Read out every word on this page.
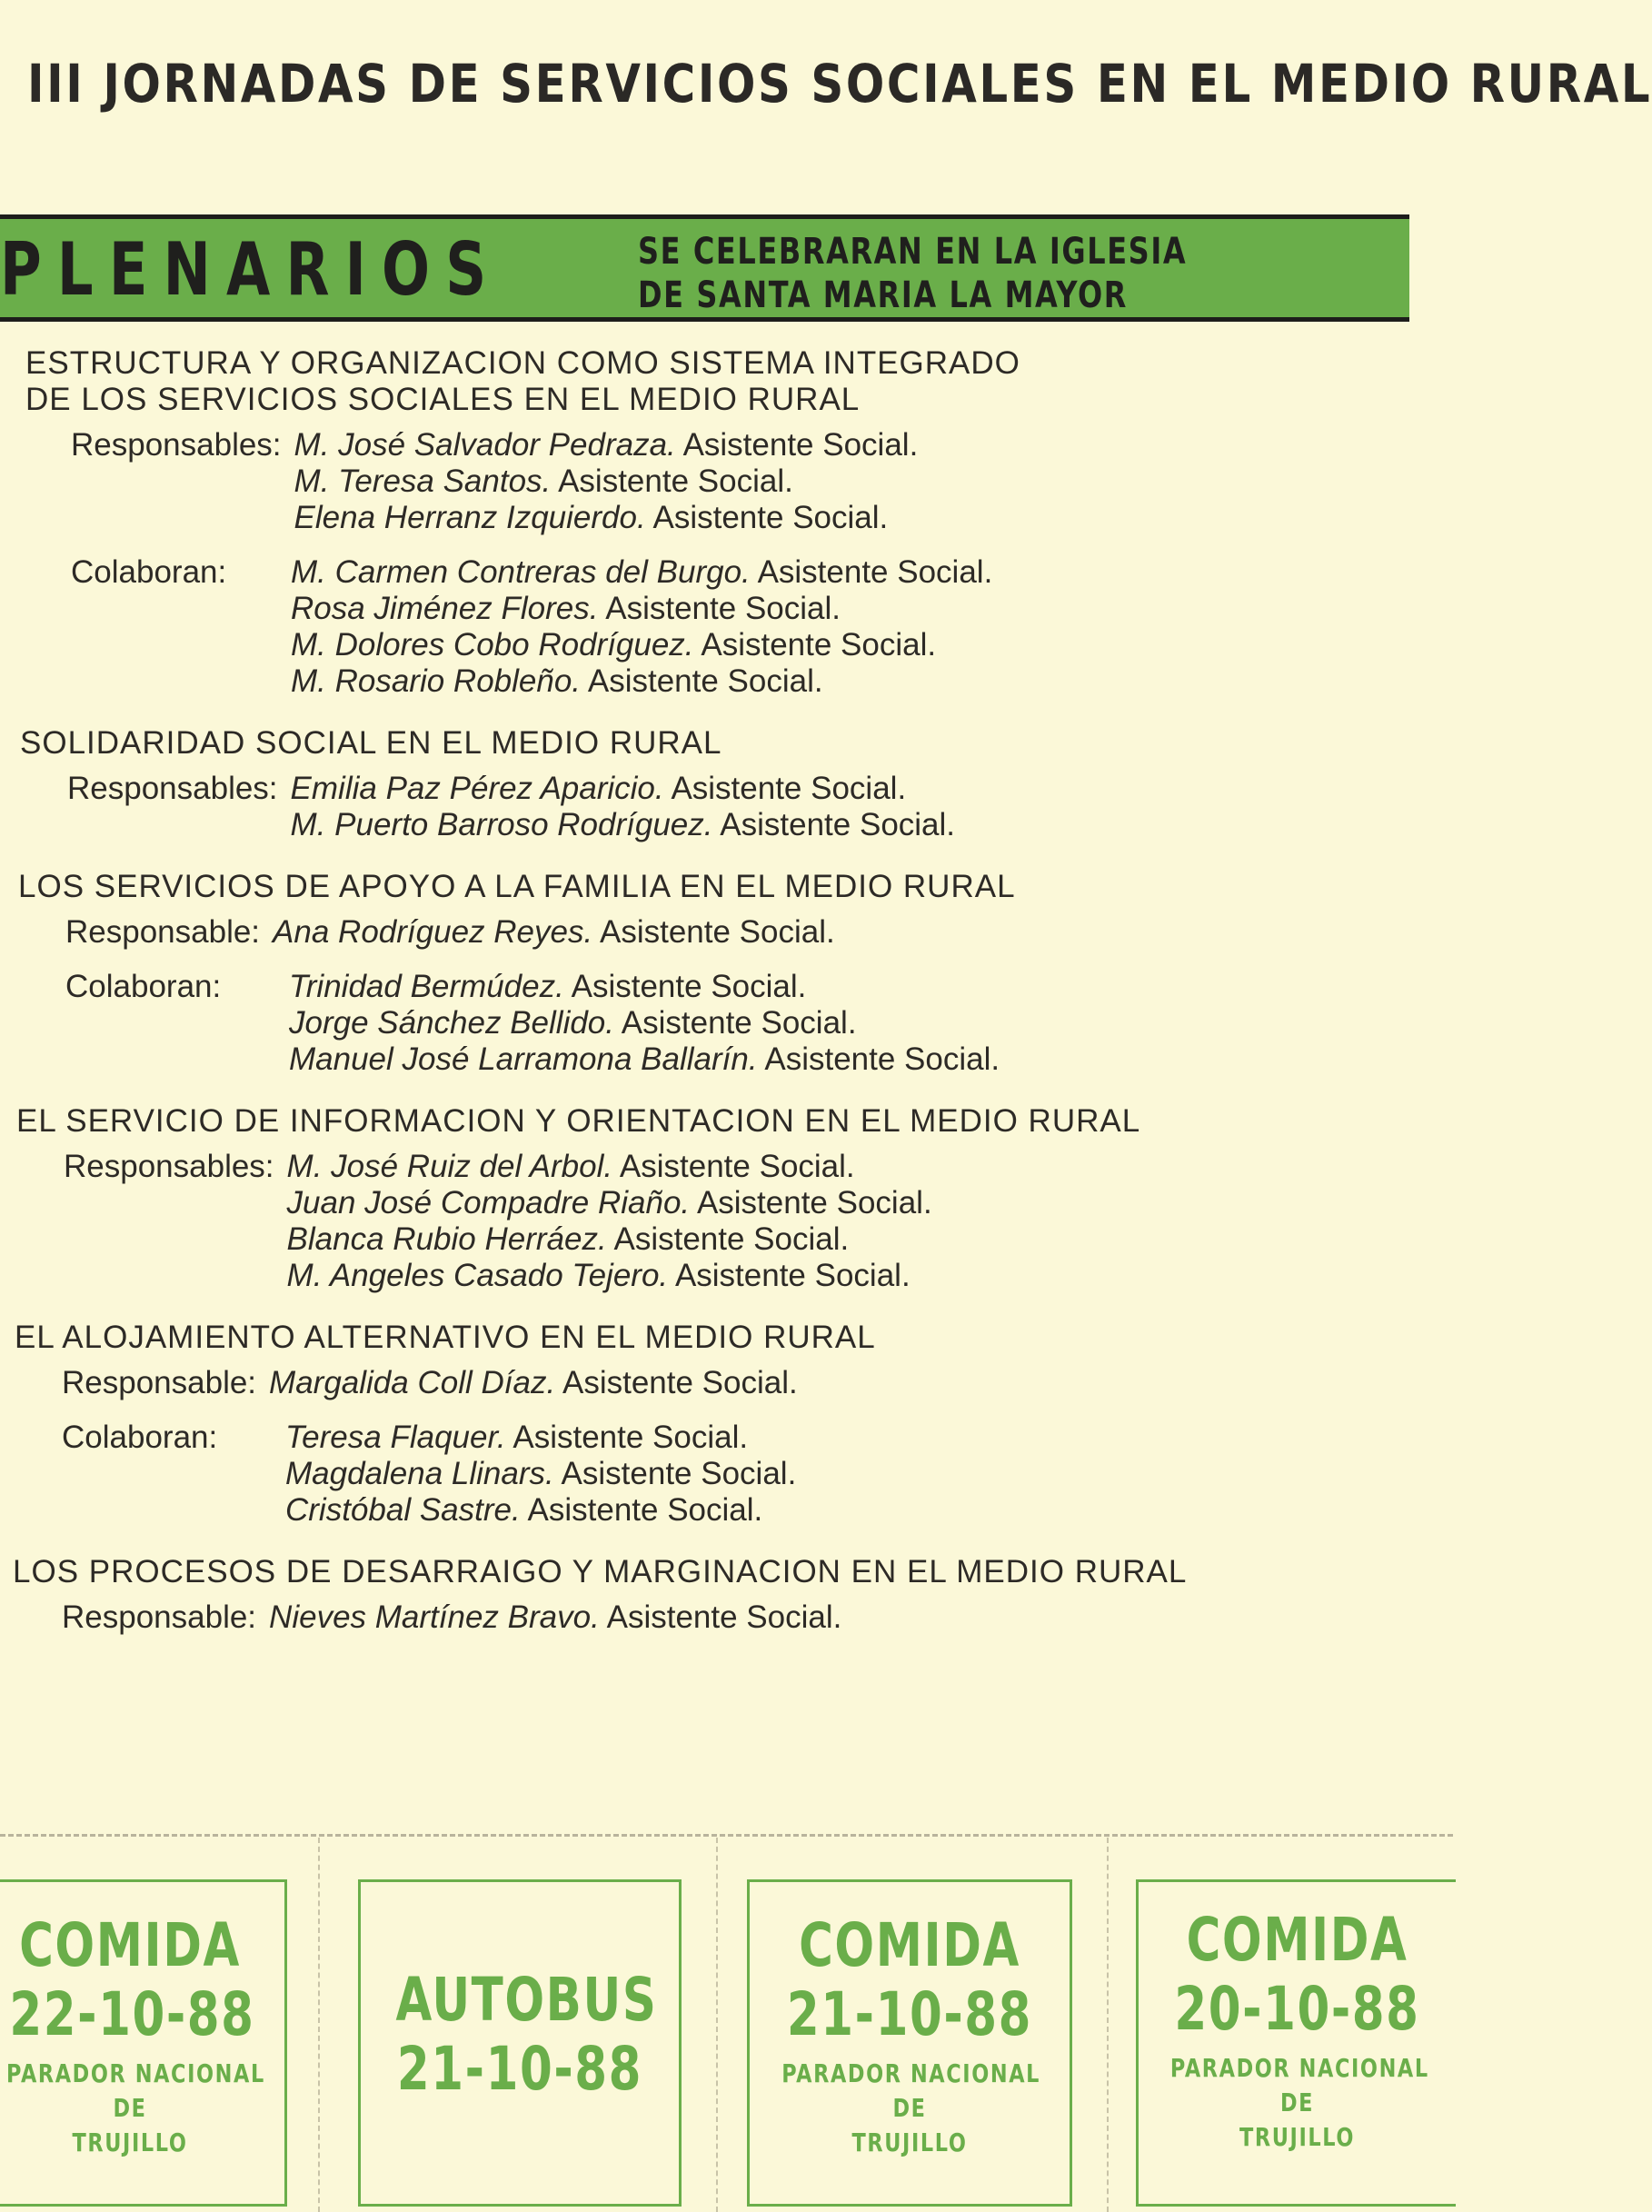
III JORNADAS DE SERVICIOS SOCIALES EN EL MEDIO RURAL
PLENARIOS	SE CELEBRARAN EN LA IGLESIA
DE SANTA MARIA LA MAYOR
ESTRUCTURA Y ORGANIZACION COMO SISTEMA INTEGRADO
DE LOS SERVICIOS SOCIALES EN EL MEDIO RURAL
Responsables: M. José Salvador Pedraza. Asistente Social.
M. Teresa Santos. Asistente Social.
Elena Herranz Izquierdo. Asistente Social.
Colaboran:	M. Carmen Contreras del Burgo. Asistente Social.
Rosa Jiménez Flores. Asistente Social.
M. Dolores Cobo Rodríguez. Asistente Social.
M. Rosario Robleño. Asistente Social.
SOLIDARIDAD SOCIAL EN EL MEDIO RURAL
Responsables: Emilia Paz Pérez Aparicio. Asistente Social.
M. Puerto Barroso Rodríguez. Asistente Social.
LOS SERVICIOS DE APOYO A LA FAMILIA EN EL MEDIO RURAL
Responsable: Ana Rodríguez Reyes. Asistente Social.
Colaboran:	Trinidad Bermúdez. Asistente Social.
Jorge Sánchez Bellido. Asistente Social.
Manuel José Larramona Ballarín. Asistente Social.
EL SERVICIO DE INFORMACION Y ORIENTACION EN EL MEDIO RURAL
Responsables: M. José Ruiz del Arbol. Asistente Social.
Juan José Compadre Riaño. Asistente Social.
Blanca Rubio Herráez. Asistente Social.
M. Angeles Casado Tejero. Asistente Social.
EL ALOJAMIENTO ALTERNATIVO EN EL MEDIO RURAL
Responsable: Margalida Coll Díaz. Asistente Social.
Colaboran:	Teresa Flaquer. Asistente Social.
Magdalena Llinars. Asistente Social.
Cristóbal Sastre. Asistente Social.
LOS PROCESOS DE DESARRAIGO Y MARGINACION EN EL MEDIO RURAL
Responsable: Nieves Martínez Bravo. Asistente Social.
COMIDA
22-10-88
PARADOR NACIONAL
DE
TRUJILLO
AUTOBUS
21-10-88
COMIDA
21-10-88
PARADOR NACIONAL
DE
TRUJILLO
COMIDA
20-10-88
PARADOR NACIONAL
DE
TRUJILLO
